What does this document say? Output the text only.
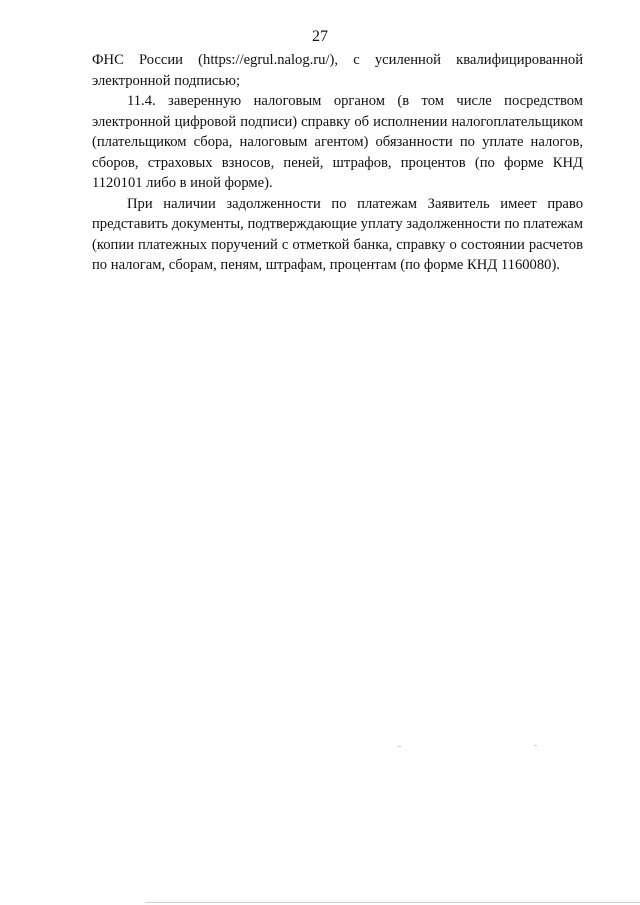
27

ФНС России (https://egrul.nalog.ru/), с усиленной квалифицированной электронной подписью;

11.4. заверенную налоговым органом (в том числе посредством электронной цифровой подписи) справку об исполнении налогоплательщиком (плательщиком сбора, налоговым агентом) обязанности по уплате налогов, сборов, страховых взносов, пеней, штрафов, процентов (по форме КНД 1120101 либо в иной форме).

При наличии задолженности по платежам Заявитель имеет право представить документы, подтверждающие уплату задолженности по платежам (копии платежных поручений с отметкой банка, справку о состоянии расчетов по налогам, сборам, пеням, штрафам, процентам (по форме КНД 1160080).
